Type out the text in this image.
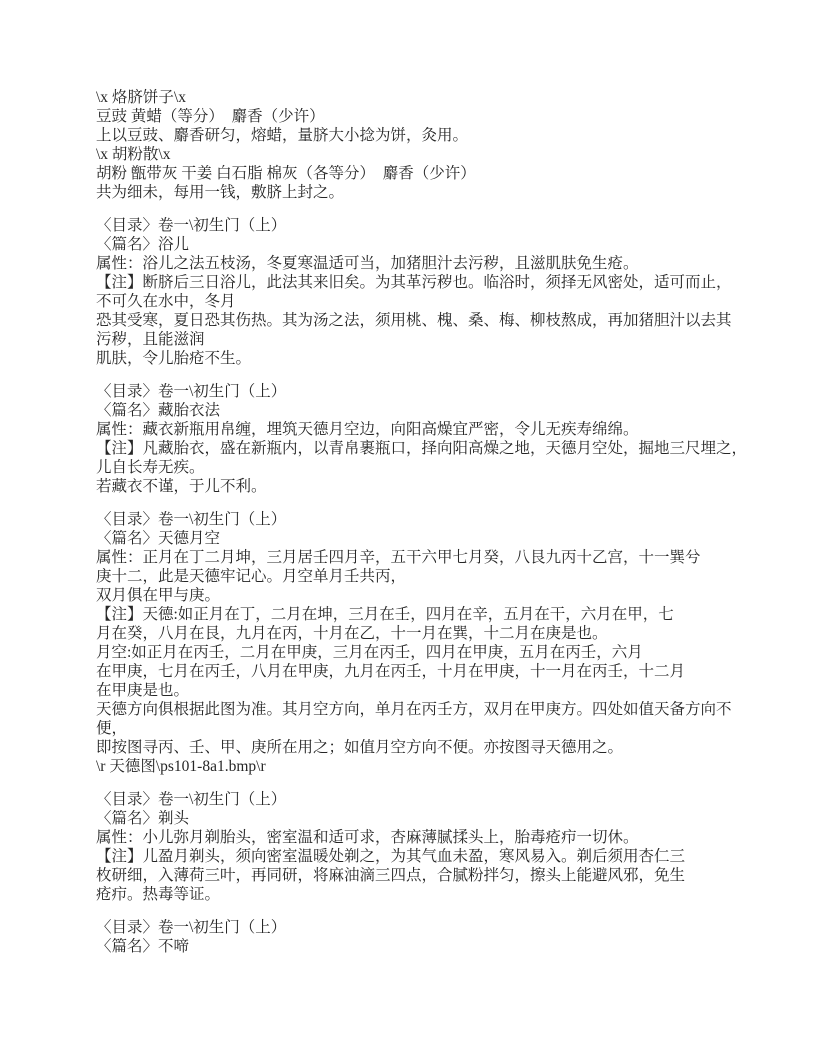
\x 烙脐饼子\x
豆豉 黄蜡（等分）  麝香（少许）
上以豆豉、麝香研匀，熔蜡，量脐大小捻为饼，灸用。
\x 胡粉散\x
胡粉 甑带灰 干姜 白石脂 棉灰（各等分）  麝香（少许）
共为细未，每用一钱，敷脐上封之。
〈目录〉卷一\初生门（上）
〈篇名〉浴儿
属性：浴儿之法五枝汤，冬夏寒温适可当，加猪胆汁去污秽，且滋肌肤免生疮。
【注】断脐后三日浴儿，此法其来旧矣。为其革污秽也。临浴时，须择无风密处，适可而止，
不可久在水中，冬月
恐其受寒，夏日恐其伤热。其为汤之法，须用桃、槐、桑、梅、柳枝熬成，再加猪胆汁以去其
污秽，且能滋润
肌肤，令儿胎疮不生。
〈目录〉卷一\初生门（上）
〈篇名〉藏胎衣法
属性：藏衣新瓶用帛缠，埋筑天德月空边，向阳高燥宜严密，令儿无疾寿绵绵。
【注】凡藏胎衣，盛在新瓶内，以青帛裹瓶口，择向阳高燥之地，天德月空处，掘地三尺埋之，
儿自长寿无疾。
若藏衣不谨，于儿不利。
〈目录〉卷一\初生门（上）
〈篇名〉天德月空
属性：正月在丁二月坤，三月居壬四月辛，五干六甲七月癸，八艮九丙十乙宫，十一巽兮
庚十二，此是天德牢记心。月空单月壬共丙，
双月俱在甲与庚。
【注】天德:如正月在丁，二月在坤，三月在壬，四月在辛，五月在干，六月在甲，七
月在癸，八月在艮，九月在丙，十月在乙，十一月在巽，十二月在庚是也。
月空:如正月在丙壬，二月在甲庚，三月在丙壬，四月在甲庚，五月在丙壬，六月
在甲庚，七月在丙壬，八月在甲庚，九月在丙壬，十月在甲庚，十一月在丙壬，十二月
在甲庚是也。
天德方向俱根据此图为准。其月空方向，单月在丙壬方，双月在甲庚方。四处如值天备方向不
便，
即按图寻丙、壬、甲、庚所在用之；如值月空方向不便。亦按图寻天德用之。
\r 天德图\ps101-8a1.bmp\r
〈目录〉卷一\初生门（上）
〈篇名〉剃头
属性：小儿弥月剃胎头，密室温和适可求，杏麻薄腻揉头上，胎毒疮疖一切休。
【注】儿盈月剃头，须向密室温暖处剃之，为其气血未盈，寒风易入。剃后须用杏仁三
枚研细，入薄荷三叶，再同研，将麻油滴三四点，合腻粉拌匀，擦头上能避风邪，免生
疮疖。热毒等证。
〈目录〉卷一\初生门（上）
〈篇名〉不啼
